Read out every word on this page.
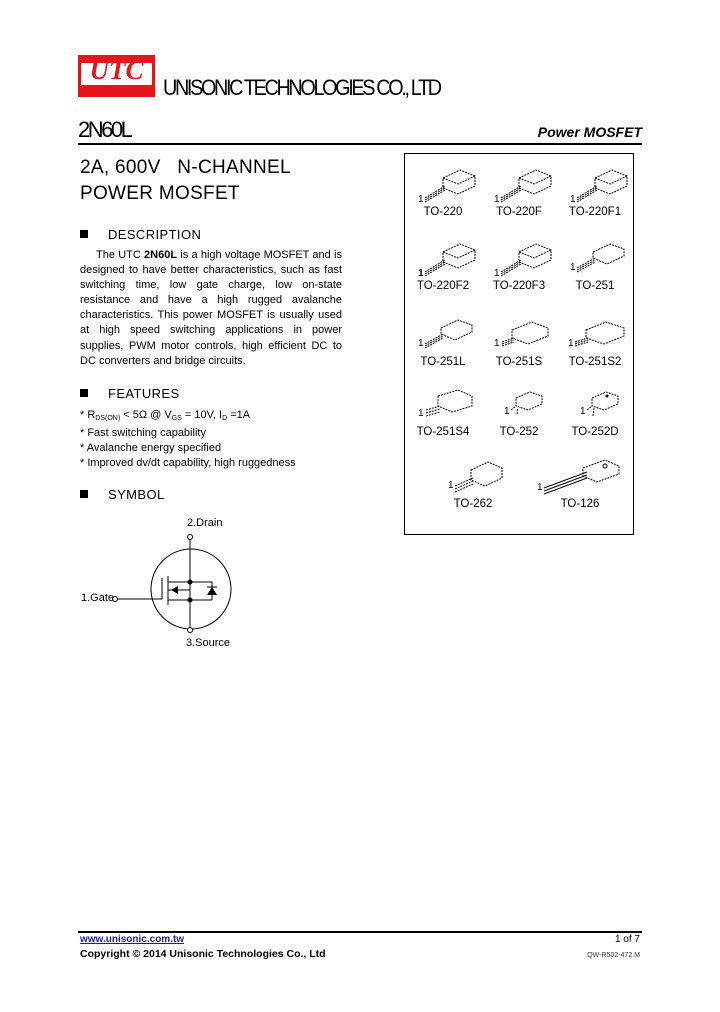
UTC
UNISONIC TECHNOLOGIES CO., LTD
2N60L	Power MOSFET
2A, 600V   N-CHANNEL
POWER MOSFET
DESCRIPTION
The UTC 2N60L is a high voltage MOSFET and is designed to have better characteristics, such as fast switching time, low gate charge, low on-state resistance and have a high rugged avalanche characteristics. This power MOSFET is usually used at high speed switching applications in power supplies, PWM motor controls, high efficient DC to DC converters and bridge circuits.
FEATURES
* $R_{DS(ON)} < 5\Omega$ @ $V_{GS} = 10V$, $I_D =1A$
* Fast switching capability
* Avalanche energy specified
* Improved dv/dt capability, high ruggedness
SYMBOL
2.Drain
1.Gate
3.Source
1
TO-220
1
TO-220F
1
TO-220F1
1
TO-220F2
1
TO-220F3
1
TO-251
1
TO-251L
1
TO-251S
1
TO-251S2
1
TO-251S4
1
TO-252
1
TO-252D
1
TO-262
1
TO-126
www.unisonic.com.tw
Copyright © 2014 Unisonic Technologies Co., Ltd
1 of 7
QW-R502-472.M
